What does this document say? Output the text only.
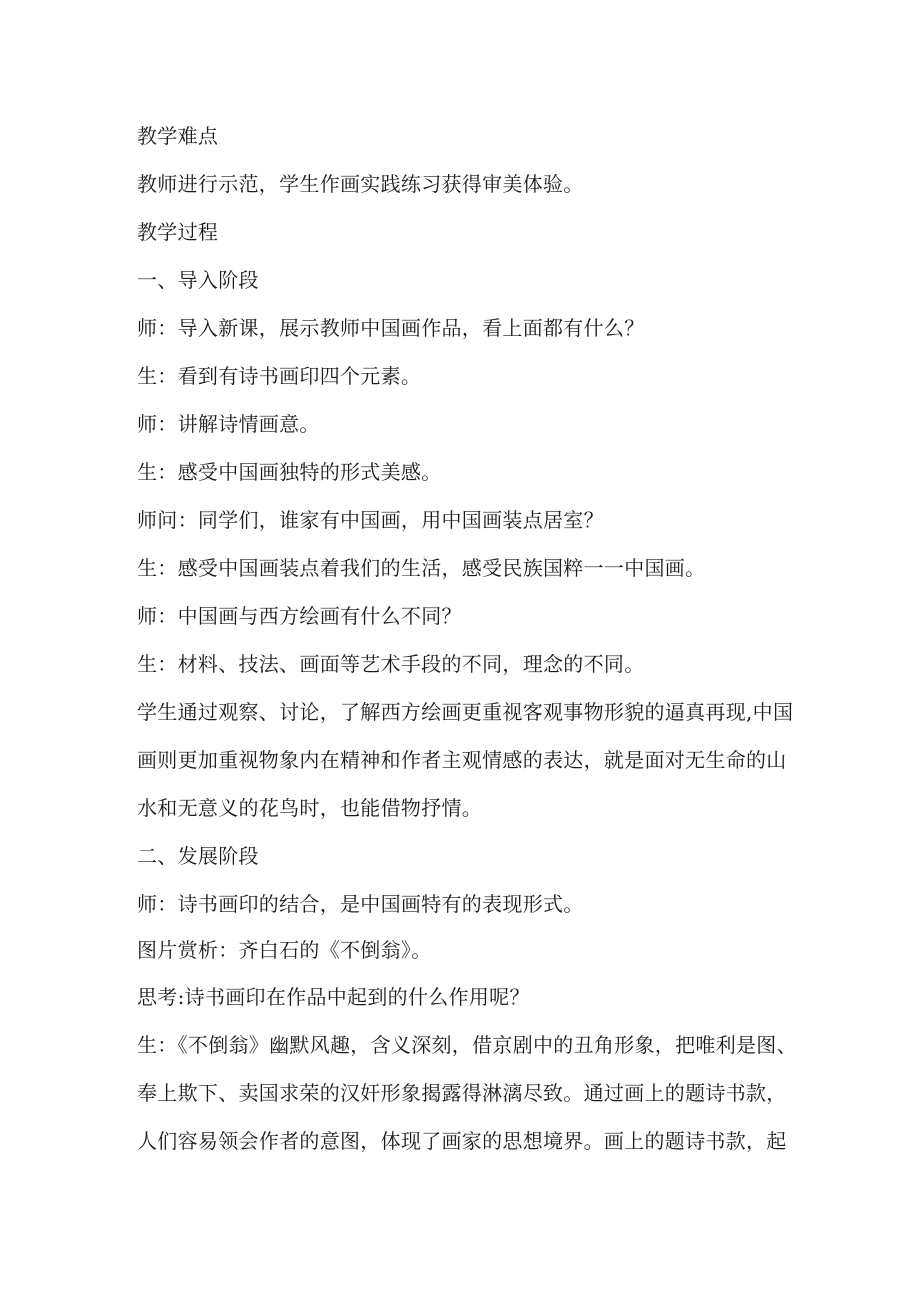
教学难点
教师进行示范，学生作画实践练习获得审美体验。
教学过程
一、导入阶段
师：导入新课，展示教师中国画作品，看上面都有什么？
生：看到有诗书画印四个元素。
师：讲解诗情画意。
生：感受中国画独特的形式美感。
师问：同学们，谁家有中国画，用中国画装点居室？
生：感受中国画装点着我们的生活，感受民族国粹一一中国画。
师：中国画与西方绘画有什么不同？
生：材料、技法、画面等艺术手段的不同，理念的不同。
学生通过观察、讨论，了解西方绘画更重视客观事物形貌的逼真再现,中国
画则更加重视物象内在精神和作者主观情感的表达，就是面对无生命的山
水和无意义的花鸟时，也能借物抒情。
二、发展阶段
师：诗书画印的结合，是中国画特有的表现形式。
图片赏析：齐白石的《不倒翁》。
思考:诗书画印在作品中起到的什么作用呢？
生：《不倒翁》幽默风趣，含义深刻，借京剧中的丑角形象，把唯利是图、
奉上欺下、卖国求荣的汉奸形象揭露得淋漓尽致。通过画上的题诗书款，
人们容易领会作者的意图，体现了画家的思想境界。画上的题诗书款，起
